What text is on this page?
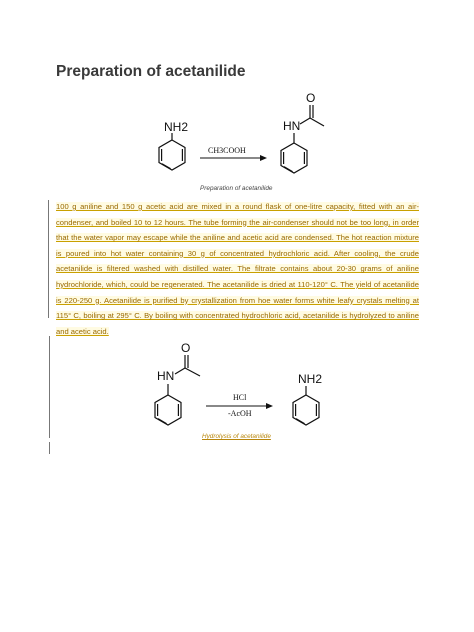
Preparation of acetanilide
NH2
CH3COOH
HN
O
Preparation of acetanilide
100 g aniline and 150 g acetic acid are mixed in a round flask of one-litre capacity, fitted with an air-condenser, and boiled 10 to 12 hours. The tube forming the air-condenser should not be too long, in order that the water vapor may escape while the aniline and acetic acid are condensed. The hot reaction mixture is poured into hot water containing 30 g of concentrated hydrochloric acid. After cooling, the crude acetanilide is filtered washed with distilled water. The filtrate contains about 20-30 grams of aniline hydrochloride, which, could be regenerated. The acetanilide is dried at 110-120° C. The yield of acetanilide is 220-250 g. Acetanilide is purified by crystallization from hoe water forms white leafy crystals melting at 115° C, boiling at 295° C. By boiling with concentrated hydrochloric acid, acetanilide is hydrolyzed to aniline and acetic acid.
HN
O
HCl
-AcOH
NH2
Hydrolysis of acetanilide
